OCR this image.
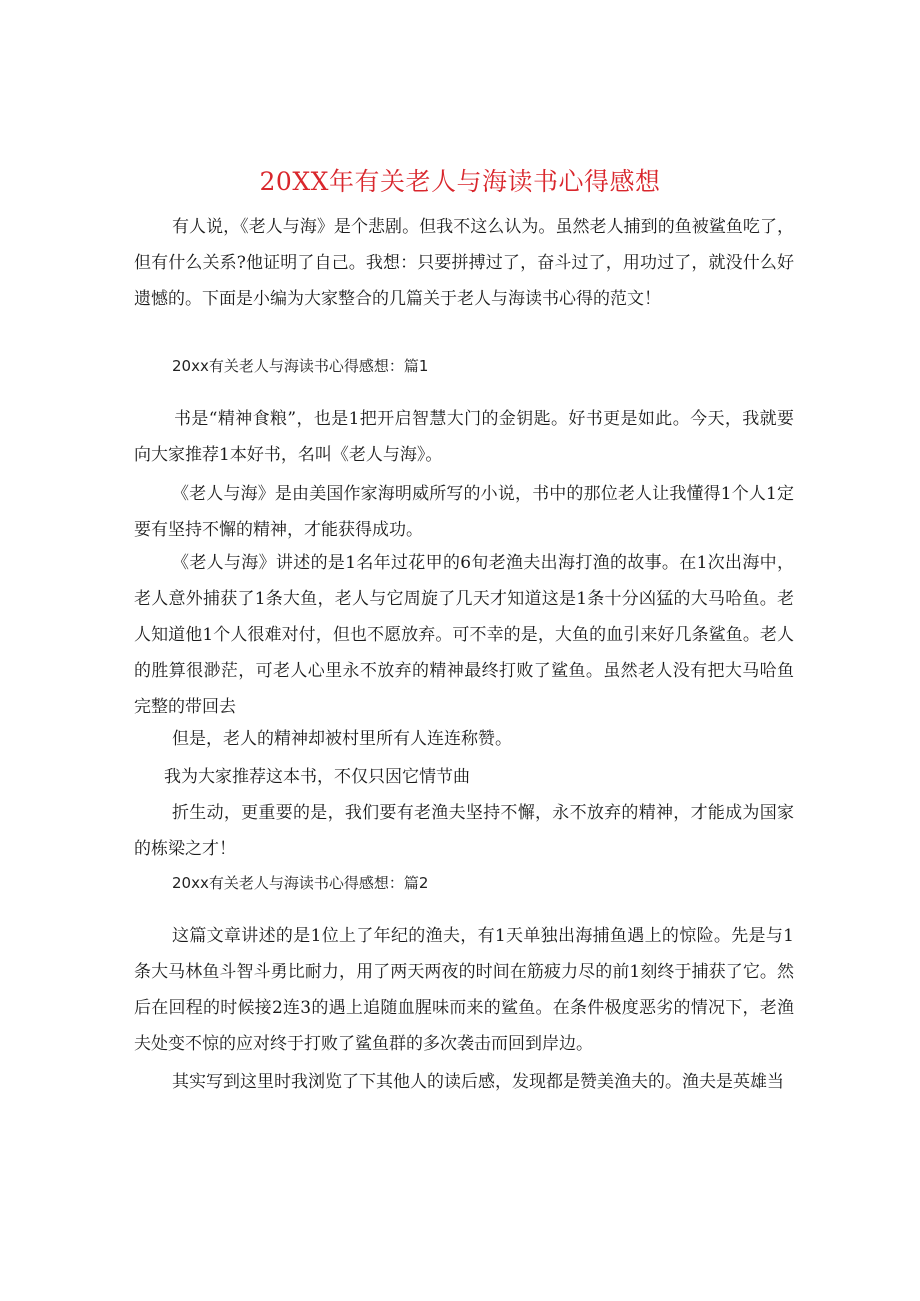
20XX年有关老人与海读书心得感想

有人说，《老人与海》是个悲剧。但我不这么认为。虽然老人捕到的鱼被鲨鱼吃了，但有什么关系?他证明了自己。我想：只要拼搏过了，奋斗过了，用功过了，就没什么好遗憾的。下面是小编为大家整合的几篇关于老人与海读书心得的范文！

20xx有关老人与海读书心得感想：篇1

书是“精神食粮”，也是1把开启智慧大门的金钥匙。好书更是如此。今天，我就要向大家推荐1本好书，名叫《老人与海》。

《老人与海》是由美国作家海明威所写的小说，书中的那位老人让我懂得1个人1定要有坚持不懈的精神，才能获得成功。

《老人与海》讲述的是1名年过花甲的6旬老渔夫出海打渔的故事。在1次出海中，老人意外捕获了1条大鱼，老人与它周旋了几天才知道这是1条十分凶猛的大马哈鱼。老人知道他1个人很难对付，但也不愿放弃。可不幸的是，大鱼的血引来好几条鲨鱼。老人的胜算很渺茫，可老人心里永不放弃的精神最终打败了鲨鱼。虽然老人没有把大马哈鱼完整的带回去

但是，老人的精神却被村里所有人连连称赞。

我为大家推荐这本书，不仅只因它情节曲

折生动，更重要的是，我们要有老渔夫坚持不懈，永不放弃的精神，才能成为国家的栋梁之才！

20xx有关老人与海读书心得感想：篇2

这篇文章讲述的是1位上了年纪的渔夫，有1天单独出海捕鱼遇上的惊险。先是与1条大马林鱼斗智斗勇比耐力，用了两天两夜的时间在筋疲力尽的前1刻终于捕获了它。然后在回程的时候接2连3的遇上追随血腥味而来的鲨鱼。在条件极度恶劣的情况下，老渔夫处变不惊的应对终于打败了鲨鱼群的多次袭击而回到岸边。

其实写到这里时我浏览了下其他人的读后感，发现都是赞美渔夫的。渔夫是英雄当
